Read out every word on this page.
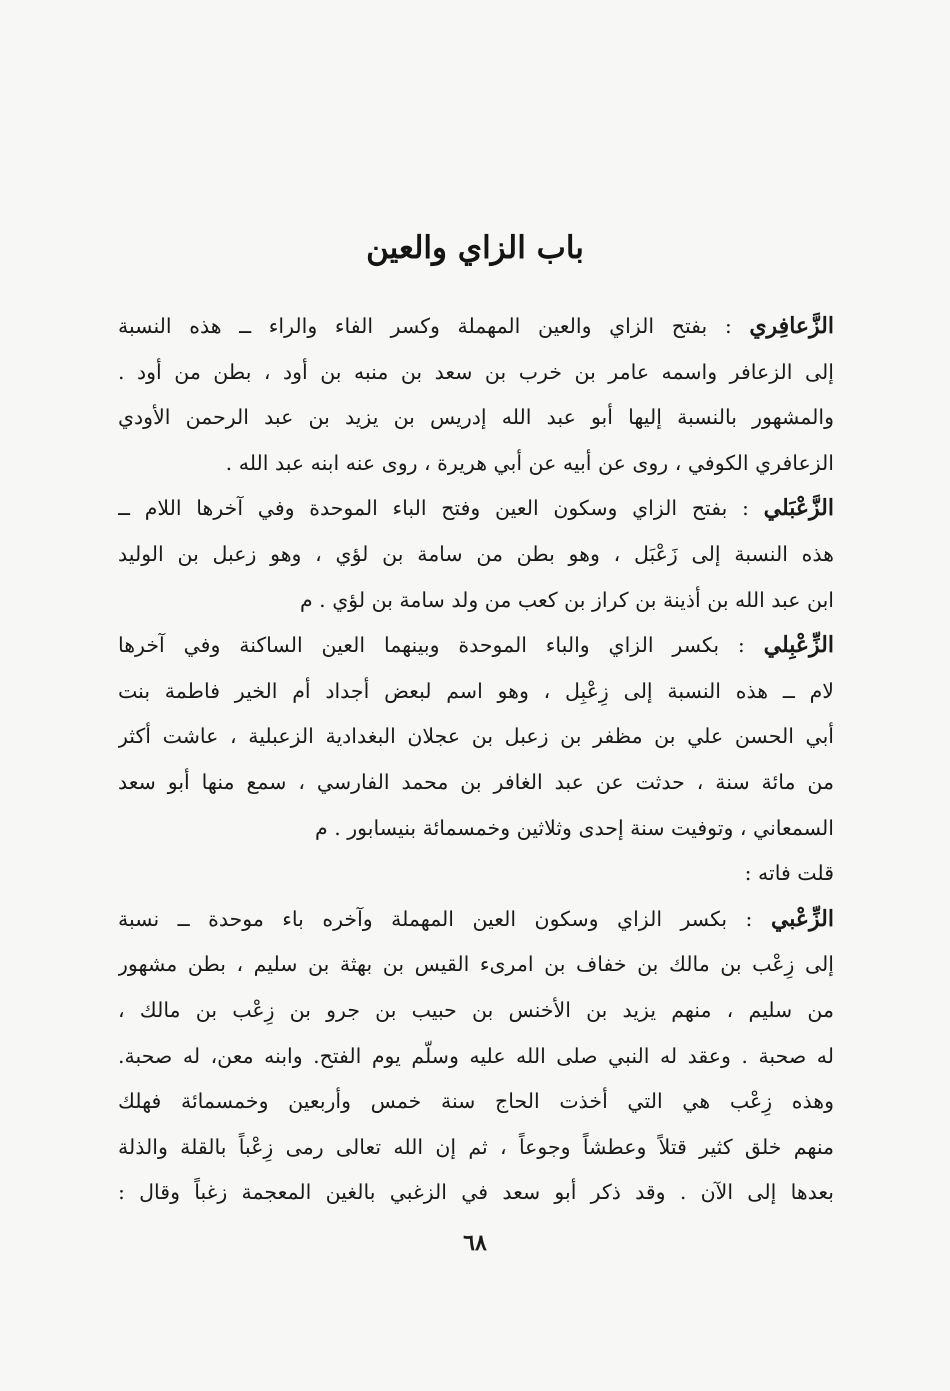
باب الزاي والعين
الزَّعافِري : بفتح الزاي والعين المهملة وكسر الفاء والراء ــ هذه النسبة
إلى الزعافر واسمه عامر بن خرب بن سعد بن منبه بن أود ، بطن من أود .
والمشهور بالنسبة إليها أبو عبد الله إدريس بن يزيد بن عبد الرحمن الأودي
الزعافري الكوفي ، روى عن أبيه عن أبي هريرة ، روى عنه ابنه عبد الله .
الزَّعْبَلي : بفتح الزاي وسكون العين وفتح الباء الموحدة وفي آخرها اللام ــ
هذه النسبة إلى زَعْبَل ، وهو بطن من سامة بن لؤي ، وهو زعبل بن الوليد
ابن عبد الله بن أذينة بن كراز بن كعب من ولد سامة بن لؤي . م
الزِّعْبِلي : بكسر الزاي والباء الموحدة وبينهما العين الساكنة وفي آخرها
لام ــ هذه النسبة إلى زِعْبِل ، وهو اسم لبعض أجداد أم الخير فاطمة بنت
أبي الحسن علي بن مظفر بن زعبل بن عجلان البغدادية الزعبلية ، عاشت أكثر
من مائة سنة ، حدثت عن عبد الغافر بن محمد الفارسي ، سمع منها أبو سعد
السمعاني ، وتوفيت سنة إحدى وثلاثين وخمسمائة بنيسابور . م
قلت فاته :
الزِّعْبي : بكسر الزاي وسكون العين المهملة وآخره باء موحدة ــ نسبة
إلى زِعْب بن مالك بن خفاف بن امرىء القيس بن بهثة بن سليم ، بطن مشهور
من سليم ، منهم يزيد بن الأخنس بن حبيب بن جرو بن زِعْب بن مالك ،
له صحبة . وعقد له النبي صلى الله عليه وسلّم يوم الفتح. وابنه معن، له صحبة.
وهذه زِعْب هي التي أخذت الحاج سنة خمس وأربعين وخمسمائة فهلك
منهم خلق كثير قتلاً وعطشاً وجوعاً ، ثم إن الله تعالى رمى زِعْباً بالقلة والذلة
بعدها إلى الآن . وقد ذكر أبو سعد في الزغبي بالغين المعجمة زغباً وقال :
٦٨
